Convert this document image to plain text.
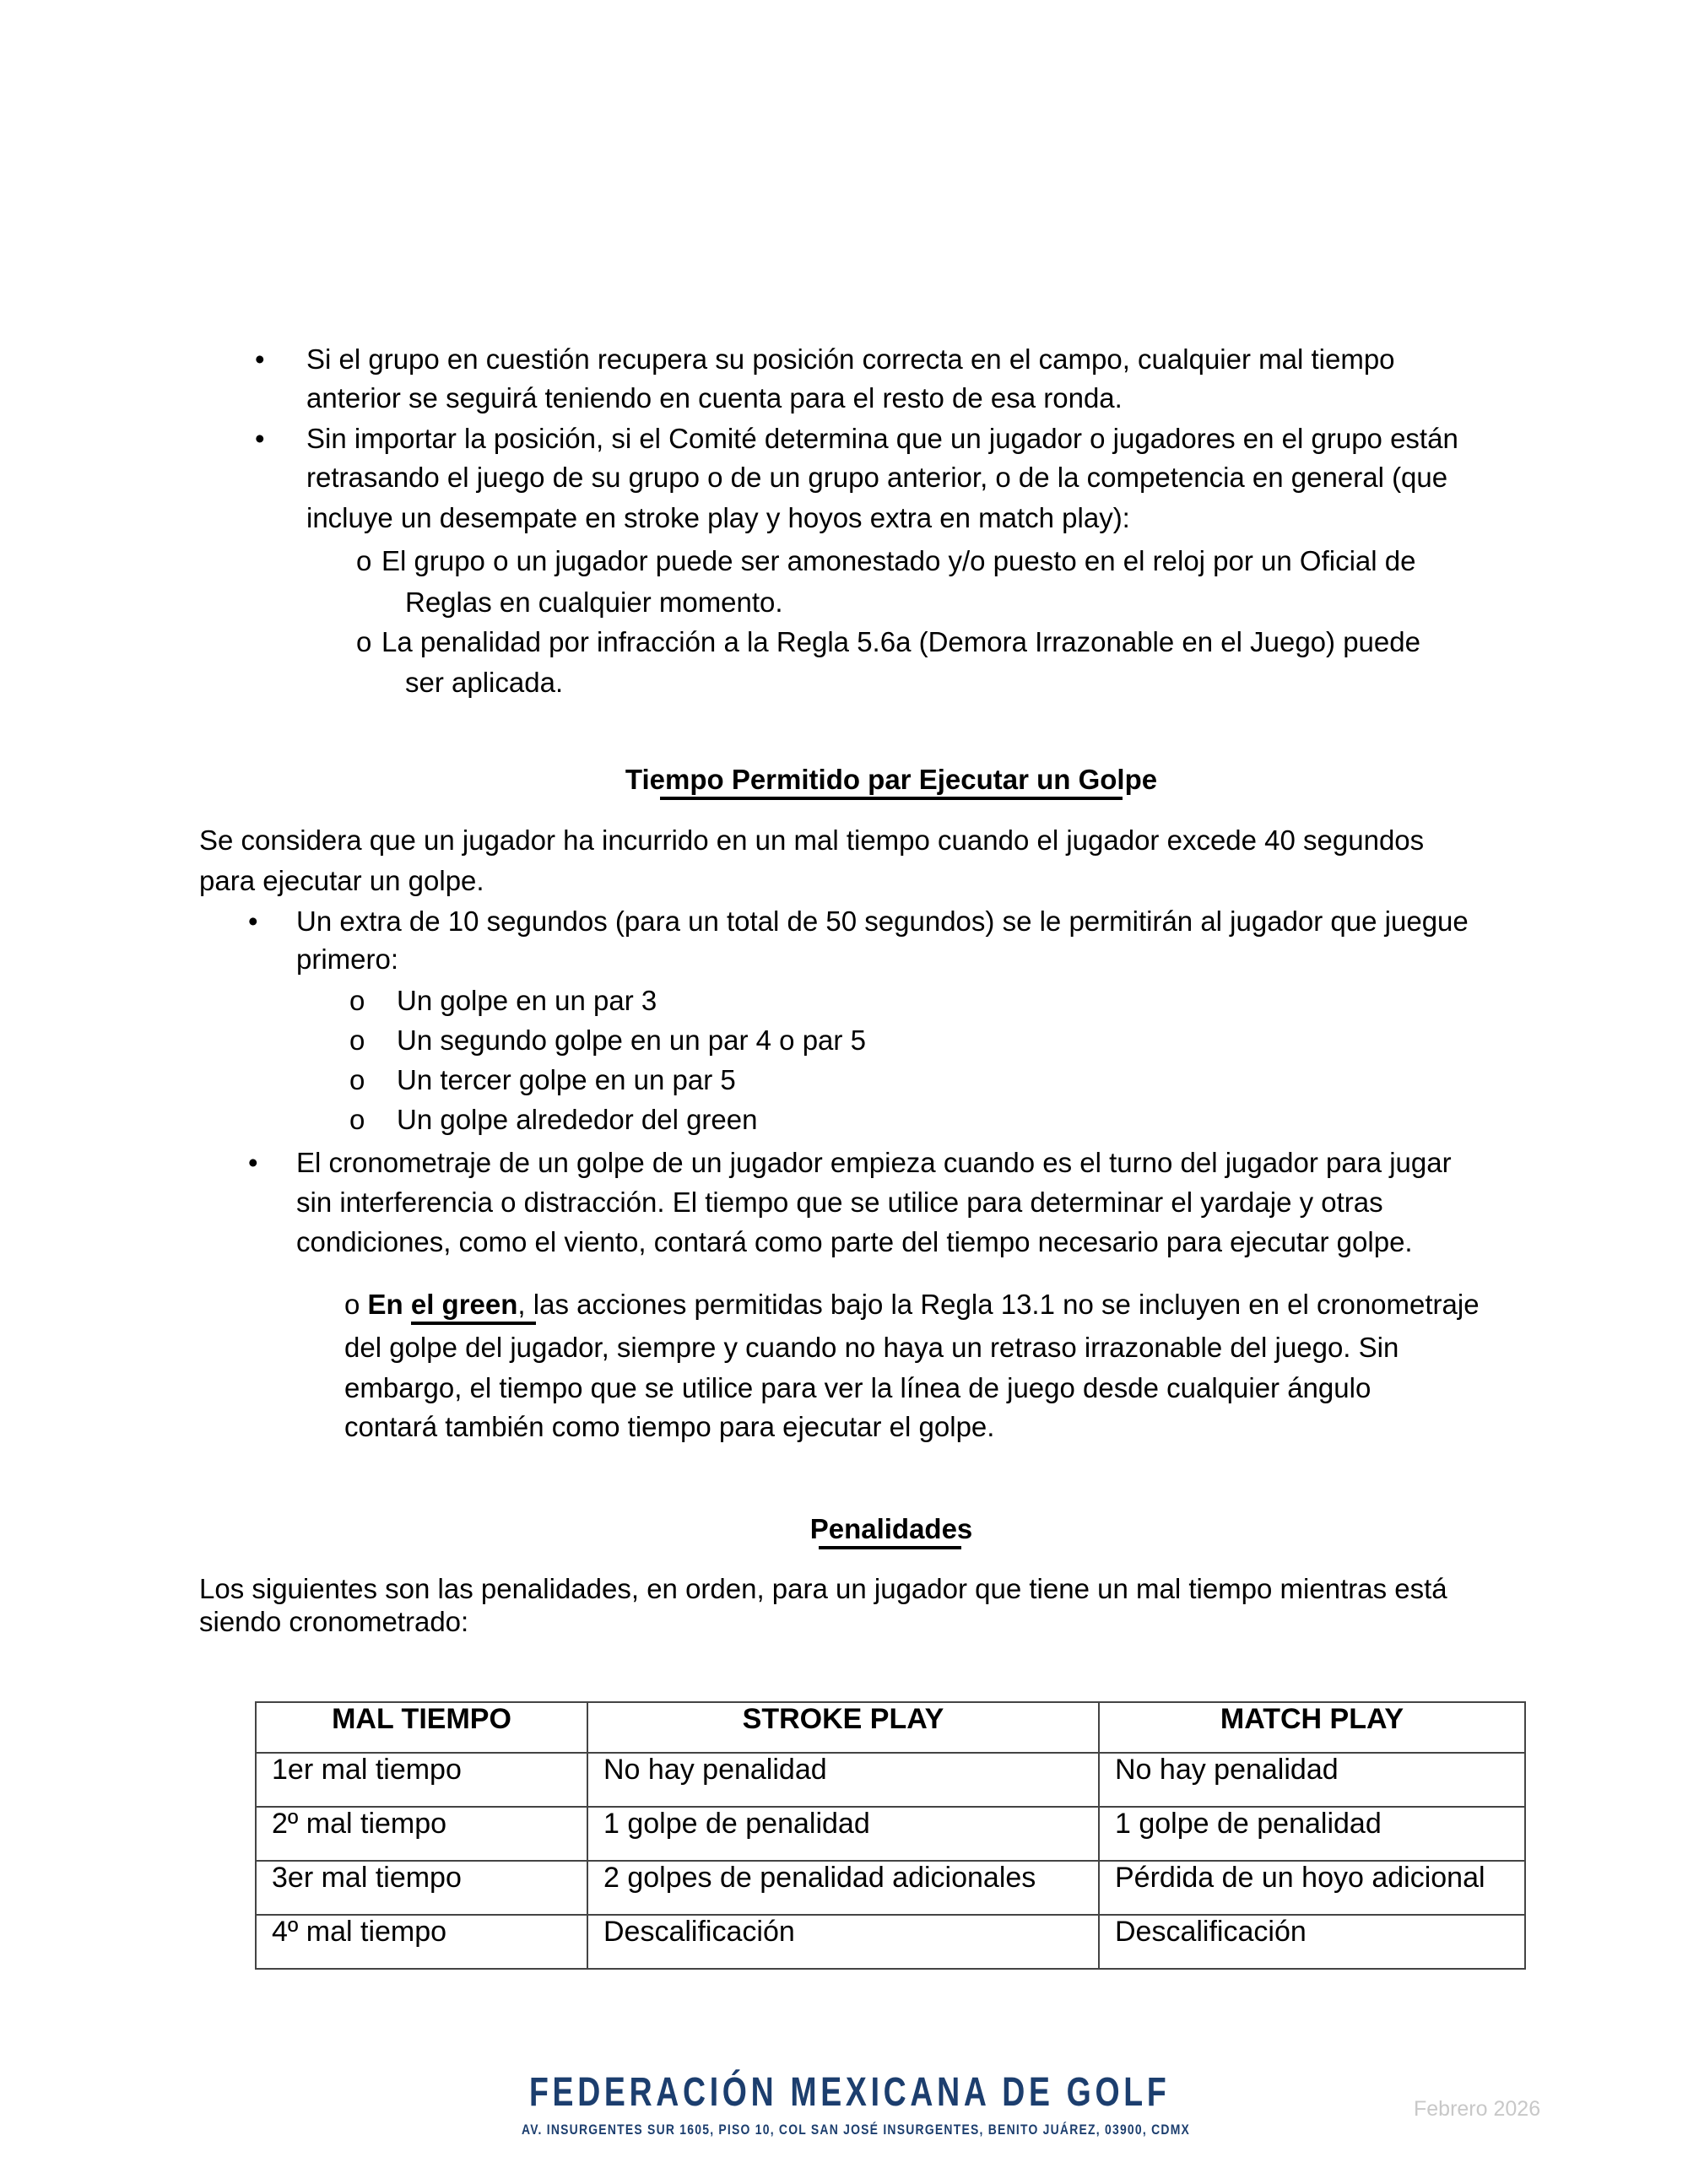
• Si el grupo en cuestión recupera su posición correcta en el campo, cualquier mal tiempo
anterior se seguirá teniendo en cuenta para el resto de esa ronda.
• Sin importar la posición, si el Comité determina que un jugador o jugadores en el grupo están
retrasando el juego de su grupo o de un grupo anterior, o de la competencia en general (que
incluye un desempate en stroke play y hoyos extra en match play):
o El grupo o un jugador puede ser amonestado y/o puesto en el reloj por un Oficial de
Reglas en cualquier momento.
o La penalidad por infracción a la Regla 5.6a (Demora Irrazonable en el Juego) puede
ser aplicada.
Tiempo Permitido par Ejecutar un Golpe
Se considera que un jugador ha incurrido en un mal tiempo cuando el jugador excede 40 segundos
para ejecutar un golpe.
• Un extra de 10 segundos (para un total de 50 segundos) se le permitirán al jugador que juegue
primero:
o Un golpe en un par 3
o Un segundo golpe en un par 4 o par 5
o Un tercer golpe en un par 5
o Un golpe alrededor del green
• El cronometraje de un golpe de un jugador empieza cuando es el turno del jugador para jugar
sin interferencia o distracción. El tiempo que se utilice para determinar el yardaje y otras
condiciones, como el viento, contará como parte del tiempo necesario para ejecutar golpe.
o En el green, las acciones permitidas bajo la Regla 13.1 no se incluyen en el cronometraje
del golpe del jugador, siempre y cuando no haya un retraso irrazonable del juego. Sin
embargo, el tiempo que se utilice para ver la línea de juego desde cualquier ángulo
contará también como tiempo para ejecutar el golpe.
Penalidades
Los siguientes son las penalidades, en orden, para un jugador que tiene un mal tiempo mientras está
siendo cronometrado:
MAL TIEMPO	STROKE PLAY	MATCH PLAY
1er mal tiempo	No hay penalidad	No hay penalidad
2º mal tiempo	1 golpe de penalidad	1 golpe de penalidad
3er mal tiempo	2 golpes de penalidad adicionales	Pérdida de un hoyo adicional
4º mal tiempo	Descalificación	Descalificación
FEDERACIÓN MEXICANA DE GOLF
AV. INSURGENTES SUR 1605, PISO 10, COL SAN JOSÉ INSURGENTES, BENITO JUÁREZ, 03900, CDMX
Febrero 2026
